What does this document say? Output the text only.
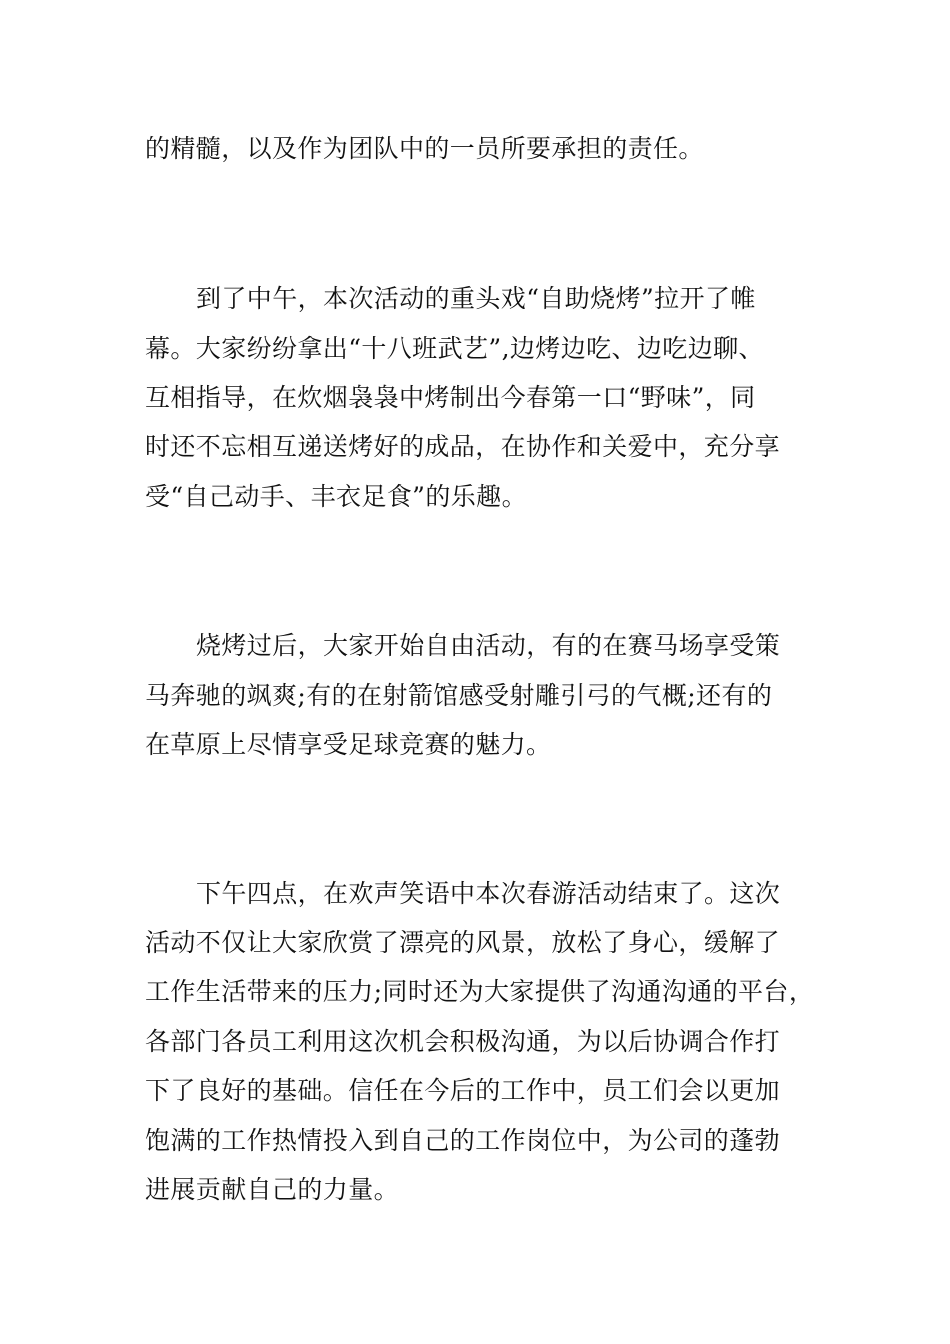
的精髓，以及作为团队中的一员所要承担的责任。
到了中午，本次活动的重头戏“自助烧烤”拉开了帷
幕。大家纷纷拿出“十八班武艺”,边烤边吃、边吃边聊、
互相指导，在炊烟袅袅中烤制出今春第一口“野味”，同
时还不忘相互递送烤好的成品，在协作和关爱中，充分享
受“自己动手、丰衣足食”的乐趣。
烧烤过后，大家开始自由活动，有的在赛马场享受策
马奔驰的飒爽;有的在射箭馆感受射雕引弓的气概;还有的
在草原上尽情享受足球竞赛的魅力。
下午四点，在欢声笑语中本次春游活动结束了。这次
活动不仅让大家欣赏了漂亮的风景，放松了身心，缓解了
工作生活带来的压力;同时还为大家提供了沟通沟通的平台，
各部门各员工利用这次机会积极沟通，为以后协调合作打
下了良好的基础。信任在今后的工作中，员工们会以更加
饱满的工作热情投入到自己的工作岗位中，为公司的蓬勃
进展贡献自己的力量。
